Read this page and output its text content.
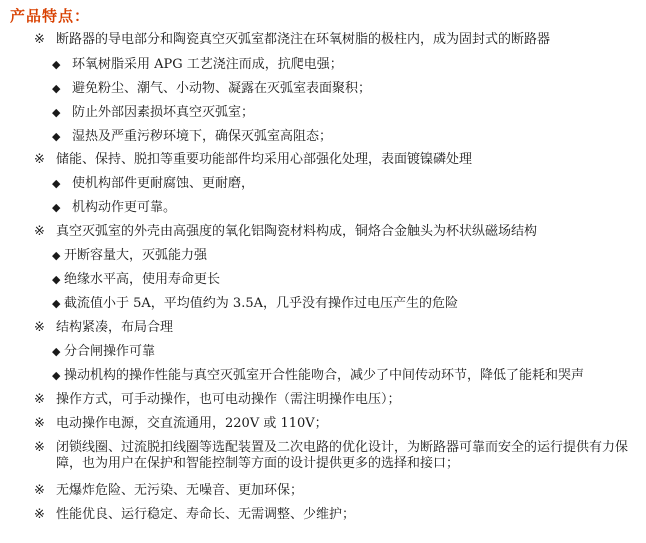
产品特点：
※ 断路器的导电部分和陶瓷真空灭弧室都浇注在环氧树脂的极柱内，成为固封式的断路器
◆ 环氧树脂采用 APG 工艺浇注而成，抗爬电强；
◆ 避免粉尘、潮气、小动物、凝露在灭弧室表面聚积；
◆ 防止外部因素损坏真空灭弧室；
◆ 湿热及严重污秽环境下，确保灭弧室高阻态；
※ 储能、保持、脱扣等重要功能部件均采用心部强化处理，表面镀镍磷处理
◆ 使机构部件更耐腐蚀、更耐磨，
◆ 机构动作更可靠。
※ 真空灭弧室的外壳由高强度的氧化铝陶瓷材料构成，铜烙合金触头为杯状纵磁场结构
◆ 开断容量大，灭弧能力强
◆ 绝缘水平高，使用寿命更长
◆ 截流值小于 5A，平均值约为 3.5A，几乎没有操作过电压产生的危险
※ 结构紧凑，布局合理
◆ 分合闸操作可靠
◆ 操动机构的操作性能与真空灭弧室开合性能吻合，减少了中间传动环节，降低了能耗和哭声
※ 操作方式，可手动操作，也可电动操作（需注明操作电压）；
※ 电动操作电源，交直流通用，220V 或 110V；
※ 闭锁线圈、过流脱扣线圈等选配装置及二次电路的优化设计，为断路器可靠而安全的运行提供有力保障，也为用户在保护和智能控制等方面的设计提供更多的选择和接口；
※ 无爆炸危险、无污染、无噪音、更加环保；
※ 性能优良、运行稳定、寿命长、无需调整、少维护；
